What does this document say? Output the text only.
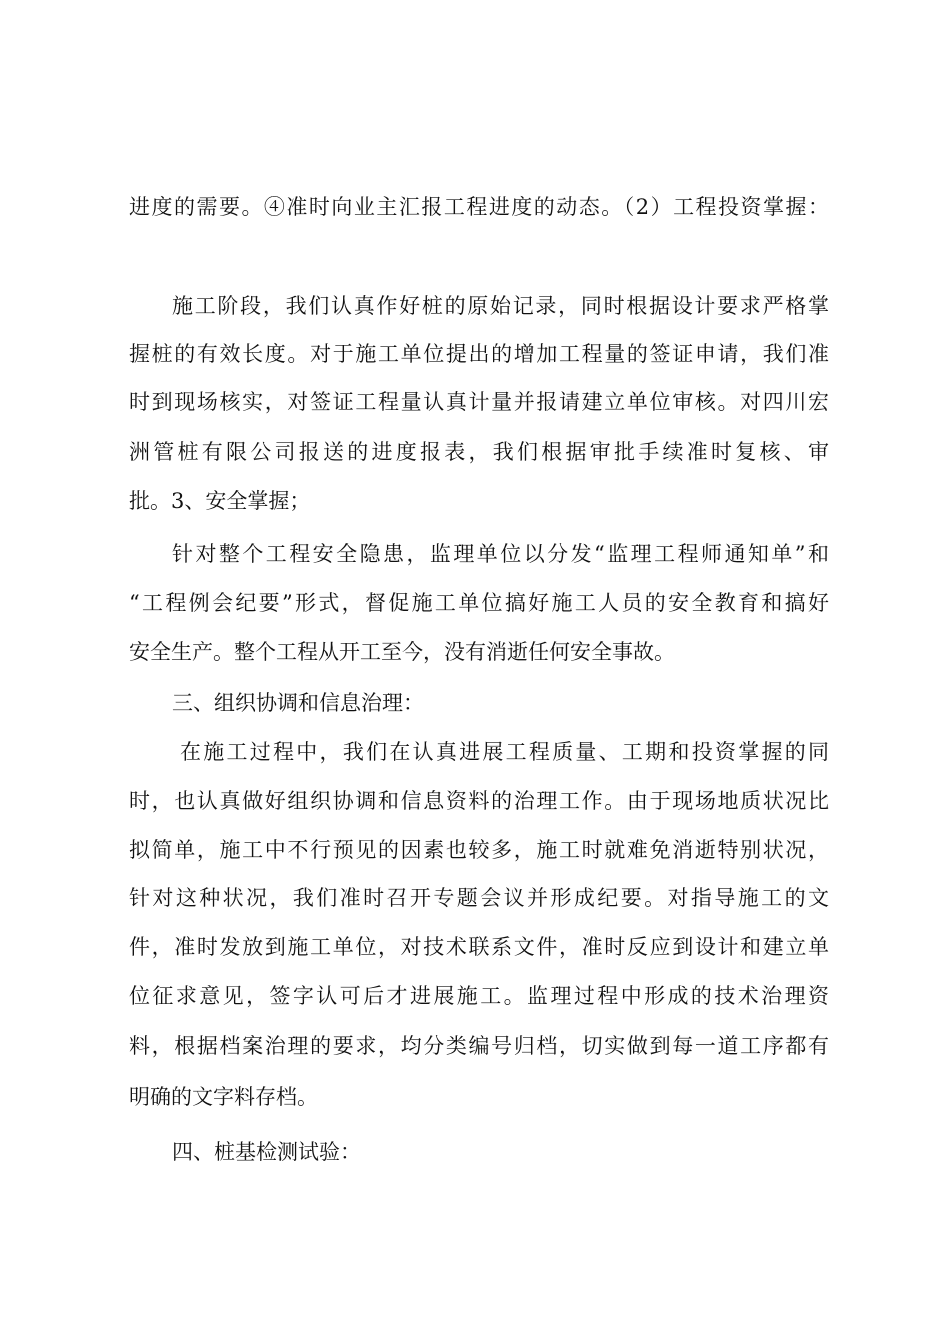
进度的需要。④准时向业主汇报工程进度的动态。（2）工程投资掌握：
施工阶段，我们认真作好桩的原始记录，同时根据设计要求严格掌
握桩的有效长度。对于施工单位提出的增加工程量的签证申请，我们准
时到现场核实，对签证工程量认真计量并报请建立单位审核。对四川宏
洲管桩有限公司报送的进度报表，我们根据审批手续准时复核、审
批。3、安全掌握；
针对整个工程安全隐患，监理单位以分发“监理工程师通知单”和
“工程例会纪要”形式，督促施工单位搞好施工人员的安全教育和搞好
安全生产。整个工程从开工至今，没有消逝任何安全事故。
三、组织协调和信息治理：
在施工过程中，我们在认真进展工程质量、工期和投资掌握的同
时，也认真做好组织协调和信息资料的治理工作。由于现场地质状况比
拟简单，施工中不行预见的因素也较多，施工时就难免消逝特别状况，
针对这种状况，我们准时召开专题会议并形成纪要。对指导施工的文
件，准时发放到施工单位，对技术联系文件，准时反应到设计和建立单
位征求意见，签字认可后才进展施工。监理过程中形成的技术治理资
料，根据档案治理的要求，均分类编号归档，切实做到每一道工序都有
明确的文字料存档。
四、桩基检测试验：
